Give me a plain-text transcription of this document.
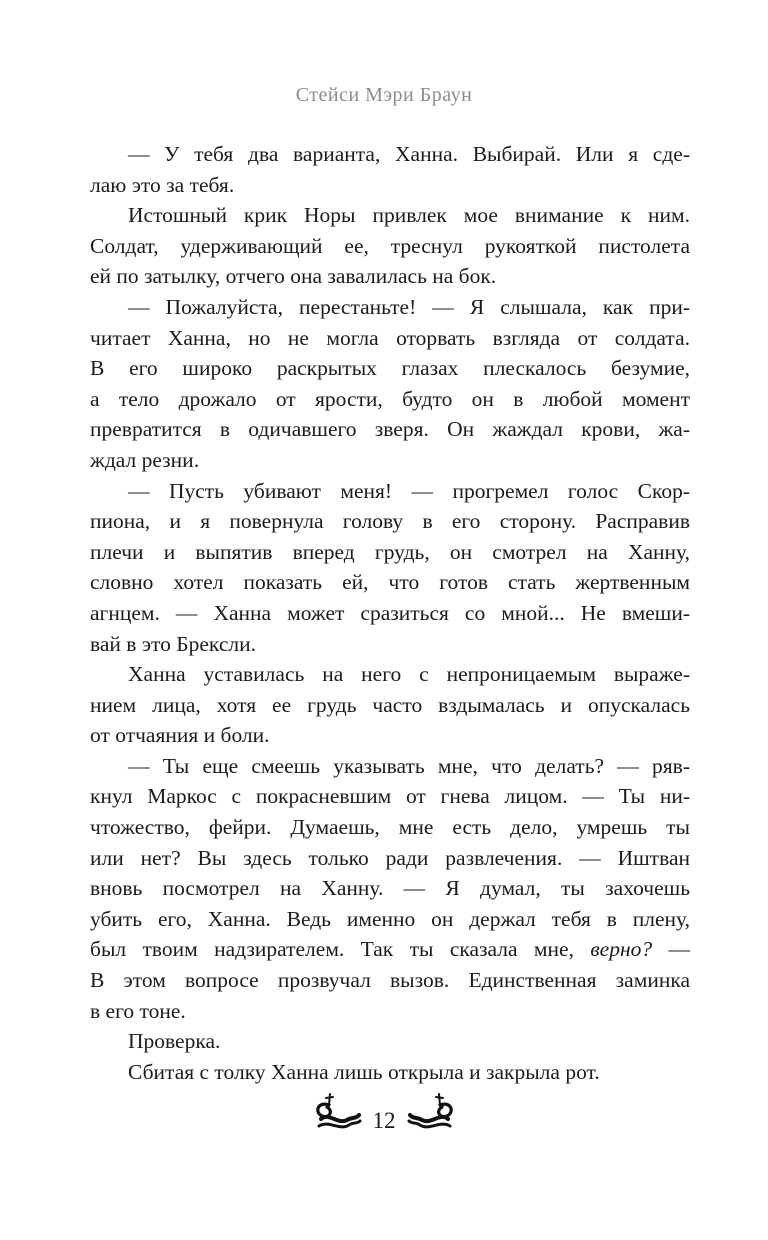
Стейси Мэри Браун
— У тебя два варианта, Ханна. Выбирай. Или я сде-
лаю это за тебя.
Истошный крик Норы привлек мое внимание к ним.
Солдат, удерживающий ее, треснул рукояткой пистолета
ей по затылку, отчего она завалилась на бок.
— Пожалуйста, перестаньте! — Я слышала, как при-
читает Ханна, но не могла оторвать взгляда от солдата.
В его широко раскрытых глазах плескалось безумие,
а тело дрожало от ярости, будто он в любой момент
превратится в одичавшего зверя. Он жаждал крови, жа-
ждал резни.
— Пусть убивают меня! — прогремел голос Скор-
пиона, и я повернула голову в его сторону. Расправив
плечи и выпятив вперед грудь, он смотрел на Ханну,
словно хотел показать ей, что готов стать жертвенным
агнцем. — Ханна может сразиться со мной... Не вмеши-
вай в это Брексли.
Ханна уставилась на него с непроницаемым выраже-
нием лица, хотя ее грудь часто вздымалась и опускалась
от отчаяния и боли.
— Ты еще смеешь указывать мне, что делать? — ряв-
кнул Маркос с покрасневшим от гнева лицом. — Ты ни-
чтожество, фейри. Думаешь, мне есть дело, умрешь ты
или нет? Вы здесь только ради развлечения. — Иштван
вновь посмотрел на Ханну. — Я думал, ты захочешь
убить его, Ханна. Ведь именно он держал тебя в плену,
был твоим надзирателем. Так ты сказала мне, верно? —
В этом вопросе прозвучал вызов. Единственная заминка
в его тоне.
Проверка.
Сбитая с толку Ханна лишь открыла и закрыла рот.
12
